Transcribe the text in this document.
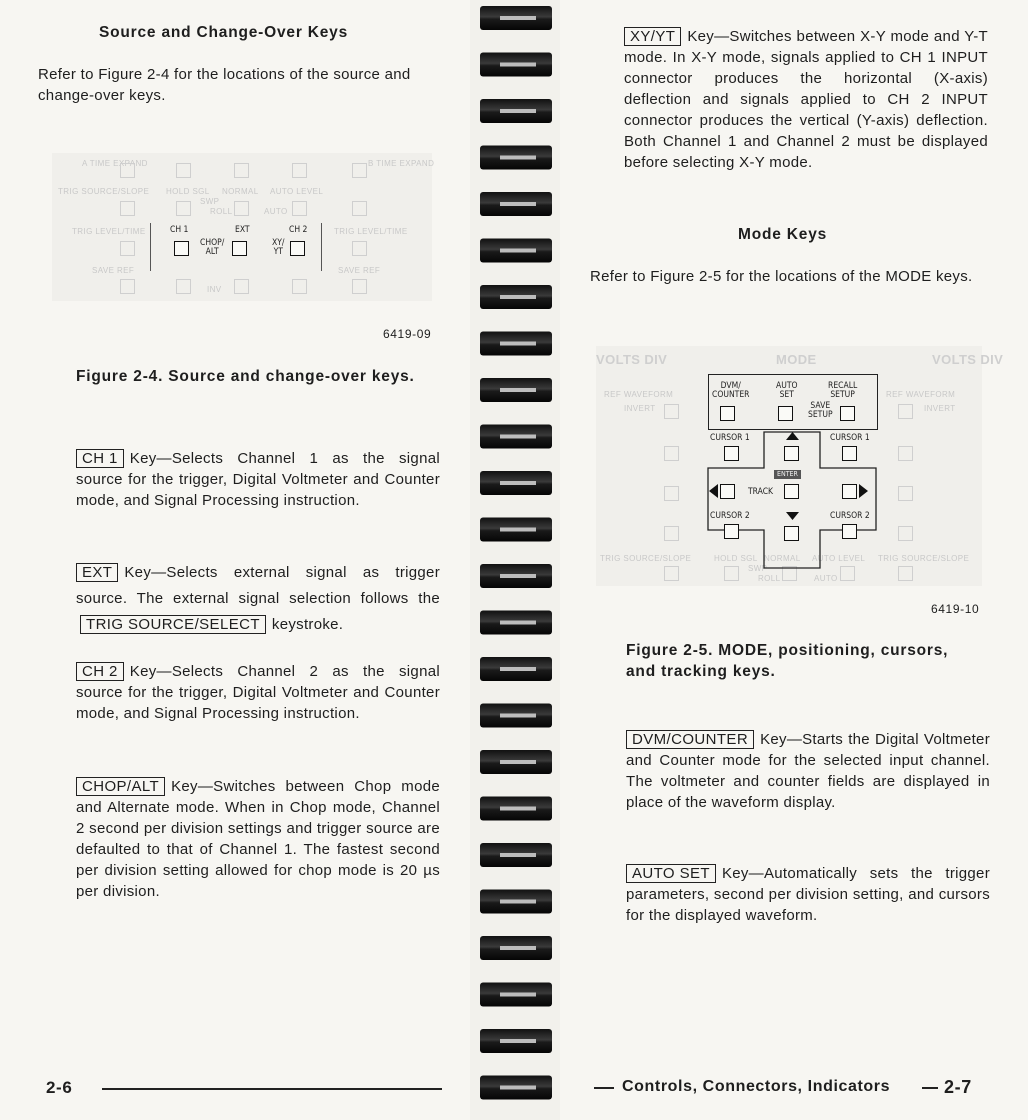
Source and Change-Over Keys

Refer to Figure 2-4 for the locations of the source and change-over keys.

A TIME EXPAND
TRIG SOURCE/SLOPE HOLD SGL NORMAL AUTO LEVEL
B TIME EXPAND
TRIG LEVEL/TIME	TRIG LEVEL/TIME
SWP
ROLL	AUTO
SAVE REF	SAVE REF
INV
CH 1	EXT	CH 2
CHOP/
ALT
XY/
YT
6419-09

Figure 2-4. Source and change-over keys.

CH 1 Key—Selects Channel 1 as the signal source for the trigger, Digital Voltmeter and Counter mode, and Signal Processing instruction.

EXT Key—Selects external signal as trigger source. The external signal selection follows the TRIG SOURCE/SELECT keystroke.

CH 2 Key—Selects Channel 2 as the signal source for the trigger, Digital Voltmeter and Counter mode, and Signal Processing instruction.

CHOP/ALT Key—Switches between Chop mode and Alternate mode. When in Chop mode, Channel 2 second per division settings and trigger source are defaulted to that of Channel 1. The fastest second per division setting allowed for chop mode is 20 µs per division.

2-6

XY/YT Key—Switches between X-Y mode and Y-T mode. In X-Y mode, signals applied to CH 1 INPUT connector produces the horizontal (X-axis) deflection and signals applied to CH 2 INPUT connector produces the vertical (Y-axis) deflection. Both Channel 1 and Channel 2 must be displayed before selecting X-Y mode.

Mode Keys

Refer to Figure 2-5 for the locations of the MODE keys.

VOLTS DIV	MODE	VOLTS DIV
REF WAVEFORM
INVERT
REF WAVEFORM
INVERT
TRIG SOURCE/SLOPE	HOLD SGL NORMAL AUTO LEVEL TRIG SOURCE/SLOPE
SWP
ROLL	AUTO
DVM/
COUNTER
AUTO
SET
RECALL
SETUP
SAVE
SETUP
CURSOR 1	CURSOR 1
ENTER
TRACK
CURSOR 2	CURSOR 2
6419-10

Figure 2-5. MODE, positioning, cursors, and tracking keys.

DVM/COUNTER Key—Starts the Digital Voltmeter and Counter mode for the selected input channel. The voltmeter and counter fields are displayed in place of the waveform display.

AUTO SET Key—Automatically sets the trigger parameters, second per division setting, and cursors for the displayed waveform.

Controls, Connectors, Indicators	2-7
